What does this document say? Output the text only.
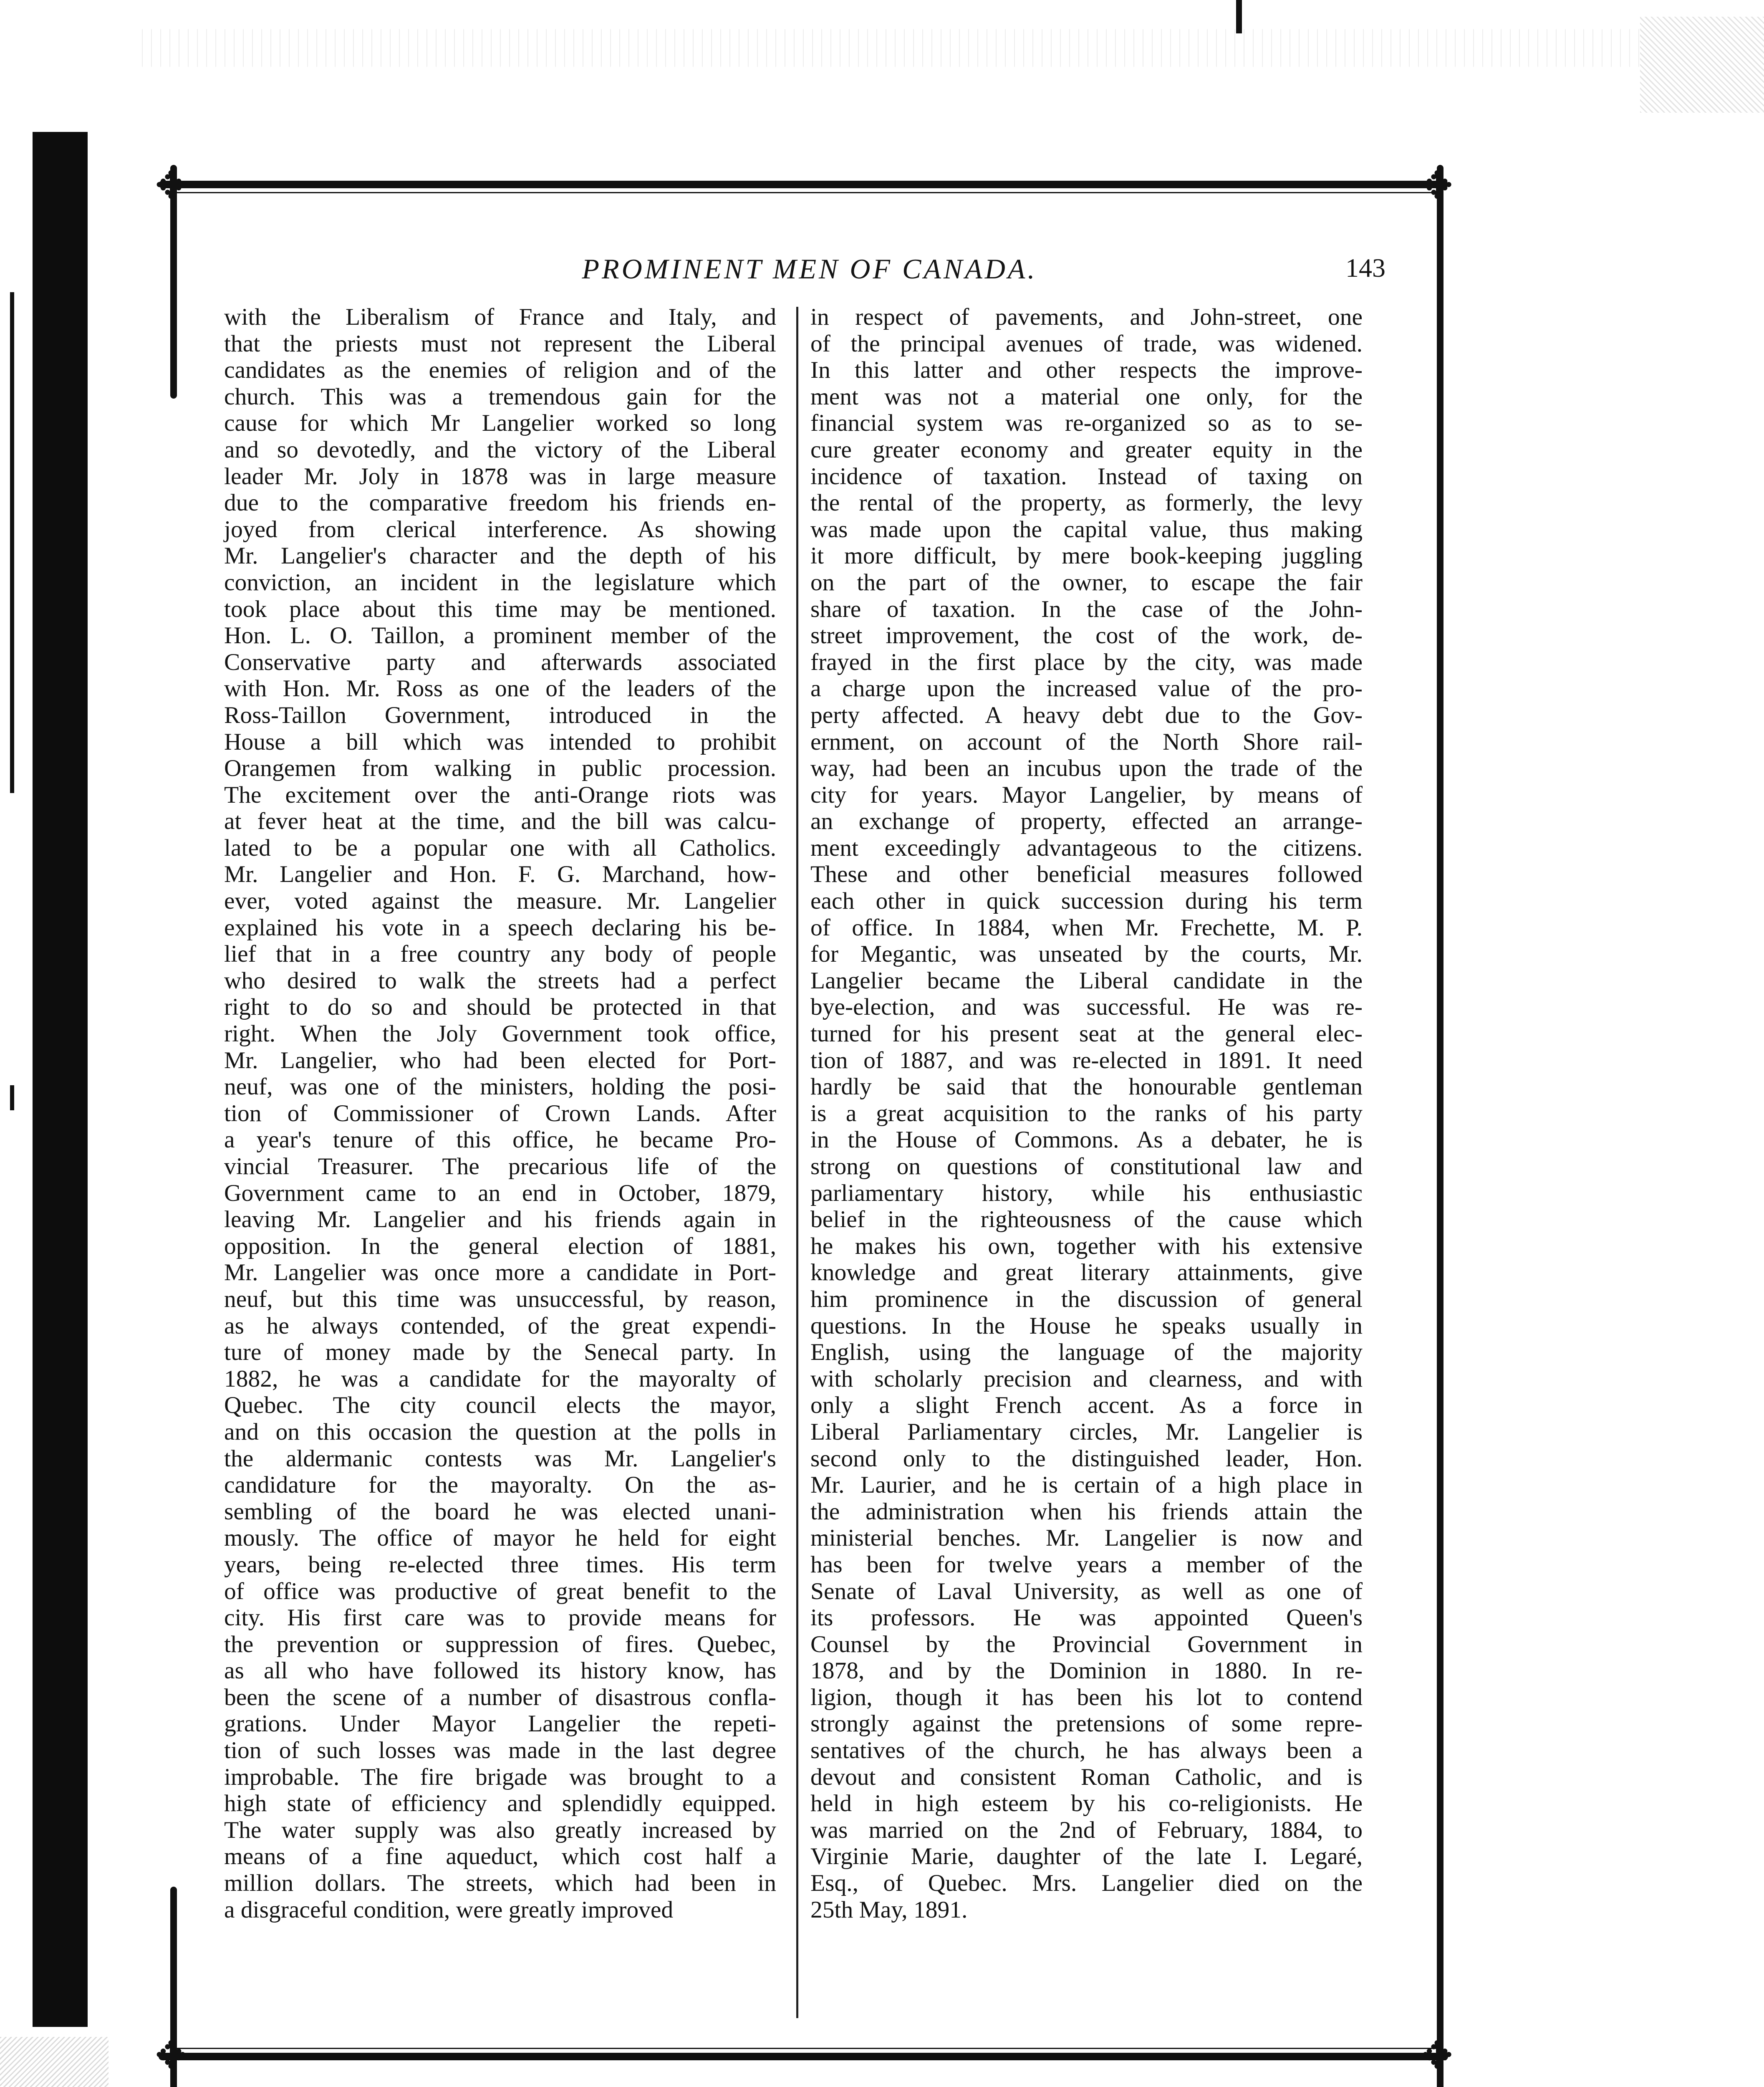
✥	✥
✥
✥
PROMINENT MEN OF CANADA.	143

with the Liberalism of France and Italy, and

that the priests must not represent the Liberal

candidates as the enemies of religion and of the

church. This was a tremendous gain for the

cause for which Mr Langelier worked so long

and so devotedly, and the victory of the Liberal

leader Mr. Joly in 1878 was in large measure

due to the comparative freedom his friends en-

joyed from clerical interference. As showing

Mr. Langelier's character and the depth of his

conviction, an incident in the legislature which

took place about this time may be mentioned.

Hon. L. O. Taillon, a prominent member of the

Conservative party and afterwards associated

with Hon. Mr. Ross as one of the leaders of the

Ross-Taillon Government, introduced in the

House a bill which was intended to prohibit

Orangemen from walking in public procession.

The excitement over the anti-Orange riots was

at fever heat at the time, and the bill was calcu-

lated to be a popular one with all Catholics.

Mr. Langelier and Hon. F. G. Marchand, how-

ever, voted against the measure. Mr. Langelier

explained his vote in a speech declaring his be-

lief that in a free country any body of people

who desired to walk the streets had a perfect

right to do so and should be protected in that

right. When the Joly Government took office,

Mr. Langelier, who had been elected for Port-

neuf, was one of the ministers, holding the posi-

tion of Commissioner of Crown Lands. After

a year's tenure of this office, he became Pro-

vincial Treasurer. The precarious life of the

Government came to an end in October, 1879,

leaving Mr. Langelier and his friends again in

opposition. In the general election of 1881,

Mr. Langelier was once more a candidate in Port-

neuf, but this time was unsuccessful, by reason,

as he always contended, of the great expendi-

ture of money made by the Senecal party. In

1882, he was a candidate for the mayoralty of

Quebec. The city council elects the mayor,

and on this occasion the question at the polls in

the aldermanic contests was Mr. Langelier's

candidature for the mayoralty. On the as-

sembling of the board he was elected unani-

mously. The office of mayor he held for eight

years, being re-elected three times. His term

of office was productive of great benefit to the

city. His first care was to provide means for

the prevention or suppression of fires. Quebec,

as all who have followed its history know, has

been the scene of a number of disastrous confla-

grations. Under Mayor Langelier the repeti-

tion of such losses was made in the last degree

improbable. The fire brigade was brought to a

high state of efficiency and splendidly equipped.

The water supply was also greatly increased by

means of a fine aqueduct, which cost half a

million dollars. The streets, which had been in

a disgraceful condition, were greatly improved

in respect of pavements, and John-street, one

of the principal avenues of trade, was widened.

In this latter and other respects the improve-

ment was not a material one only, for the

financial system was re-organized so as to se-

cure greater economy and greater equity in the

incidence of taxation. Instead of taxing on

the rental of the property, as formerly, the levy

was made upon the capital value, thus making

it more difficult, by mere book-keeping juggling

on the part of the owner, to escape the fair

share of taxation. In the case of the John-

street improvement, the cost of the work, de-

frayed in the first place by the city, was made

a charge upon the increased value of the pro-

perty affected. A heavy debt due to the Gov-

ernment, on account of the North Shore rail-

way, had been an incubus upon the trade of the

city for years. Mayor Langelier, by means of

an exchange of property, effected an arrange-

ment exceedingly advantageous to the citizens.

These and other beneficial measures followed

each other in quick succession during his term

of office. In 1884, when Mr. Frechette, M. P.

for Megantic, was unseated by the courts, Mr.

Langelier became the Liberal candidate in the

bye-election, and was successful. He was re-

turned for his present seat at the general elec-

tion of 1887, and was re-elected in 1891. It need

hardly be said that the honourable gentleman

is a great acquisition to the ranks of his party

in the House of Commons. As a debater, he is

strong on questions of constitutional law and

parliamentary history, while his enthusiastic

belief in the righteousness of the cause which

he makes his own, together with his extensive

knowledge and great literary attainments, give

him prominence in the discussion of general

questions. In the House he speaks usually in

English, using the language of the majority

with scholarly precision and clearness, and with

only a slight French accent. As a force in

Liberal Parliamentary circles, Mr. Langelier is

second only to the distinguished leader, Hon.

Mr. Laurier, and he is certain of a high place in

the administration when his friends attain the

ministerial benches. Mr. Langelier is now and

has been for twelve years a member of the

Senate of Laval University, as well as one of

its professors. He was appointed Queen's

Counsel by the Provincial Government in

1878, and by the Dominion in 1880. In re-

ligion, though it has been his lot to contend

strongly against the pretensions of some repre-

sentatives of the church, he has always been a

devout and consistent Roman Catholic, and is

held in high esteem by his co-religionists. He

was married on the 2nd of February, 1884, to

Virginie Marie, daughter of the late I. Legaré,

Esq., of Quebec. Mrs. Langelier died on the

25th May, 1891.
